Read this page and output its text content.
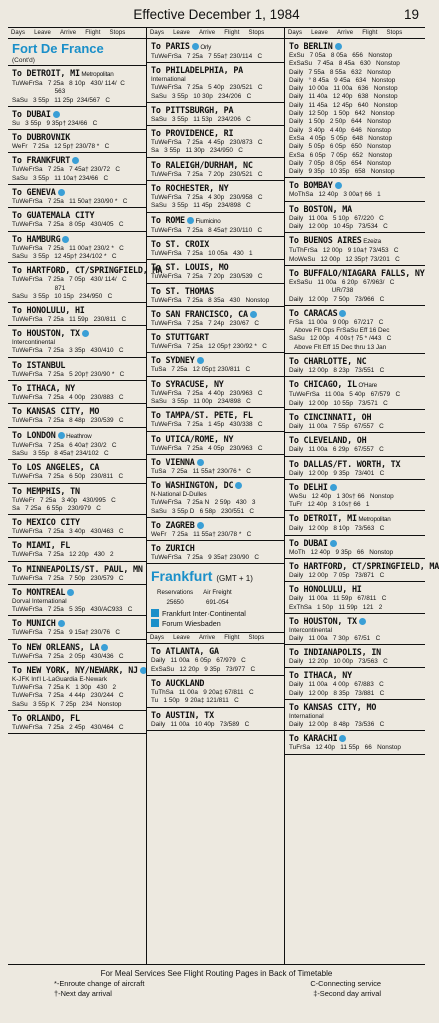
Effective December 1, 1984	19
Days Leave Arrive Flight Stops
Fort De France
(Cont'd)
To DETROIT, MI Metropolitan
TuWeFrSa   7 25a   8 10p   430/ 114/  C
563
SaSu   3 55p   11 25p  234/567   C
To DUBAI
Su   3 55p   9 35p† 234/66   C
To DUBROVNIK
WeFr   7 25a   12 5p† 230/78 *   C
To FRANKFURT
TuWeFrSa   7 25a   7 45a† 230/72   C
SaSu   3 55p   11 10a† 234/66   C
To GENEVA
TuWeFrSa   7 25a   11 50a† 230/90 *   C
To GUATEMALA CITY
TuWeFrSa   7 25a   8 05p   430/405   C
To HAMBURG
TuWeFrSa   7 25a   11 00a† 230/2 *   C
SaSu   3 55p   12 45p† 234/102 *   C
To HARTFORD, CT/SPRINGFIELD, MA
TuWeFrSa   7 25a   7 05p   430/ 114/   C
871
SaSu   3 55p   10 15p   234/950   C
To HONOLULU, HI
TuWeFrSa   7 25a   11 59p   230/811   C
To HOUSTON, TX
Intercontinental
TuWeFrSa   7 25a   3 35p   430/410   C
To ISTANBUL
TuWeFrSa   7 25a   5 20p† 230/90 *   C
To ITHACA, NY
TuWeFrSa   7 25a   4 00p   230/883   C
To KANSAS CITY, MO
TuWeFrSa   7 25a   8 48p   230/539   C
To LONDON Heathrow
TuWeFrSa   7 25a   6 40a† 230/2   C
SaSu   3 55p   8 45a† 234/102   C
To LOS ANGELES, CA
TuWeFrSa   7 25a   6 50p   230/811   C
To MEMPHIS, TN
TuWeFr   7 25a   3 40p   430/995   C
Sa   7 25a   6 55p   230/979   C
To MEXICO CITY
TuWeFrSa   7 25a   3 40p   430/463   C
To MIAMI, FL
TuWeFrSa   7 25a   12 20p   430   2
To MINNEAPOLIS/ST. PAUL, MN
TuWeFrSa   7 25a   7 50p   230/579   C
To MONTREAL
Dorval International
TuWeFrSa   7 25a   5 35p   430/AC933   C
To MUNICH
TuWeFrSa   7 25a   9 15a† 230/76   C
To NEW ORLEANS, LA
TuWeFrSa   7 25a   2 05p   430/436   C
To NEW YORK, NY/NEWARK, NJ
K-JFK Int'l L-LaGuardia E-Newark
TuWeFrSa   7 25a K   1 30p   430   2
TuWeFrSa   7 25a   4 44p   230/244   C
SaSu   3 55p K   7 25p   234   Nonstop
To ORLANDO, FL
TuWeFrSa   7 25a   2 45p   430/464   C
Days Leave Arrive Flight Stops
To PARIS Orly
TuWeFrSa   7 25a   7 55a† 230/114   C
To PHILADELPHIA, PA
International
TuWeFrSa   7 25a   5 40p   230/521   C
SaSu   3 55p   10 30p   234/206   C
To PITTSBURGH, PA
SaSu   3 55p   11 53p   234/206   C
To PROVIDENCE, RI
TuWeFrSa   7 25a   4 45p   230/873   C
Sa   3 55p   11 30p   234/950   C
To RALEIGH/DURHAM, NC
TuWeFrSa   7 25a   7 20p   230/521   C
To ROCHESTER, NY
TuWeFrSa   7 25a   4 30p   230/958   C
SaSu   3 55p   11 45p   234/898   C
To ROME Fiumicino
TuWeFrSa   7 25a   8 45a† 230/110   C
To ST. CROIX
TuWeFrSa   7 25a   10 05a   430   1
To ST. LOUIS, MO
TuWeFrSa   7 25a   7 20p   230/539   C
To ST. THOMAS
TuWeFrSa   7 25a   8 35a   430   Nonstop
To SAN FRANCISCO, CA
TuWeFrSa   7 25a   7 24p   230/67   C
To STUTTGART
TuWeFrSa   7 25a   12 05p† 230/92 *   C
To SYDNEY
TuSa   7 25a   12 05p‡ 230/811   C
To SYRACUSE, NY
TuWeFrSa   7 25a   4 40p   230/963   C
SaSu   3 55p   11 00p   234/898   C
To TAMPA/ST. PETE, FL
TuWeFrSa   7 25a   1 45p   430/338   C
To UTICA/ROME, NY
TuWeFrSa   7 25a   4 05p   230/963   C
To VIENNA
TuSa   7 25a   11 55a† 230/76 *   C
To WASHINGTON, DC
N-National D-Dulles
TuWeFrSa   7 25a N   2 59p   430   3
SaSu   3 55p D   6 58p   230/551   C
To ZAGREB
WeFr   7 25a   11 55a† 230/78 *   C
To ZURICH
TuWeFrSa   7 25a   9 35a† 230/90   C
Frankfurt (GMT + 1)
Reservations	Air Freight
25650	691-054
Frankfurt Inter·Continental
Forum Wiesbaden
Days Leave Arrive Flight Stops
To ATLANTA, GA
Daily   11 00a   6 05p   67/979   C
ExSaSu   12 20p   9 35p   73/977   C
To AUCKLAND
TuThSa   11 00a   9 20a‡ 67/811   C
Tu   1 50p   9 20a‡ 121/811   C
To AUSTIN, TX
Daily   11 00a   10 40p   73/589   C
Days Leave Arrive Flight Stops
To BERLIN
ExSu   7 05a   8 05a   656   Nonstop
ExSaSu   7 45a   8 45a   630   Nonstop
Daily   7 55a   8 55a   632   Nonstop
Daily   ° 8 45a   9 45a   634   Nonstop
Daily   10 00a   11 00a   636   Nonstop
Daily   11 40a   12 40p   638   Nonstop
Daily   11 45a   12 45p   640   Nonstop
Daily   12 50p   1 50p   642   Nonstop
Daily   1 50p   2 50p   644   Nonstop
Daily   3 40p   4 40p   646   Nonstop
ExSa   4 05p   5 05p   648   Nonstop
Daily   5 05p   6 05p   650   Nonstop
ExSa   6 05p   7 05p   652   Nonstop
Daily   7 05p   8 05p   654   Nonstop
Daily   9 35p   10 35p   658   Nonstop
To BOMBAY
MoThSa   12 40p   3 00a† 66   1
To BOSTON, MA
Daily   11 00a   5 10p   67/220   C
Daily   12 00p   10 45p   73/534   C
To BUENOS AIRES Ezeiza
TuThFrSa   12 00p   9 10a† 73/453   C
MoWeSu   12 00p   12 35p† 73/201   C
To BUFFALO/NIAGARA FALLS, NY
ExSaSu   11 00a   6 20p   67/963/   C
UR/738
Daily   12 00p   7 50p   73/966   C
To CARACAS
FrSa   11 00a   9 00p   67/217   C
Above Flt Ops FrSaSu Eff 16 Dec
SaSu   12 00p   4 00s† 75 * /443   C
Above Flt Eff 15 Dec thru 13 Jan
To CHARLOTTE, NC
Daily   12 00p   8 23p   73/551   C
To CHICAGO, IL O'Hare
TuWeFrSa   11 00a   5 40p   67/579   C
Daily   12 00p   10 55p   73/571   C
To CINCINNATI, OH
Daily   11 00a   7 55p   67/557   C
To CLEVELAND, OH
Daily   11 00a   6 29p   67/557   C
To DALLAS/FT. WORTH, TX
Daily   12 00p   9 35p   73/401   C
To DELHI
WeSu   12 40p   1 30s† 66   Nonstop
TuFr   12 40p   3 10s† 66   1
To DETROIT, MI Metropolitan
Daily   12 00p   8 10p   73/563   C
To DUBAI
MoTh   12 40p   9 35p   66   Nonstop
To HARTFORD, CT/SPRINGFIELD, MA
Daily   12 00p   7 05p   73/871   C
To HONOLULU, HI
Daily   11 00a   11 59p   67/811   C
ExThSa   1 50p   11 59p   121   2
To HOUSTON, TX
Intercontinental
Daily   11 00a   7 30p   67/51   C
To INDIANAPOLIS, IN
Daily   12 20p   10 00p   73/563   C
To ITHACA, NY
Daily   11 00a   4 00p   67/883   C
Daily   12 00p   8 35p   73/881   C
To KANSAS CITY, MO
International
Daily   12 00p   8 48p   73/536   C
To KARACHI
TuFrSa   12 40p   11 55p   66   Nonstop
For Meal Services See Flight Routing Pages in Back of Timetable
*-Enroute change of aircraft	C-Connecting service
†-Next day arrival	‡-Second day arrival
